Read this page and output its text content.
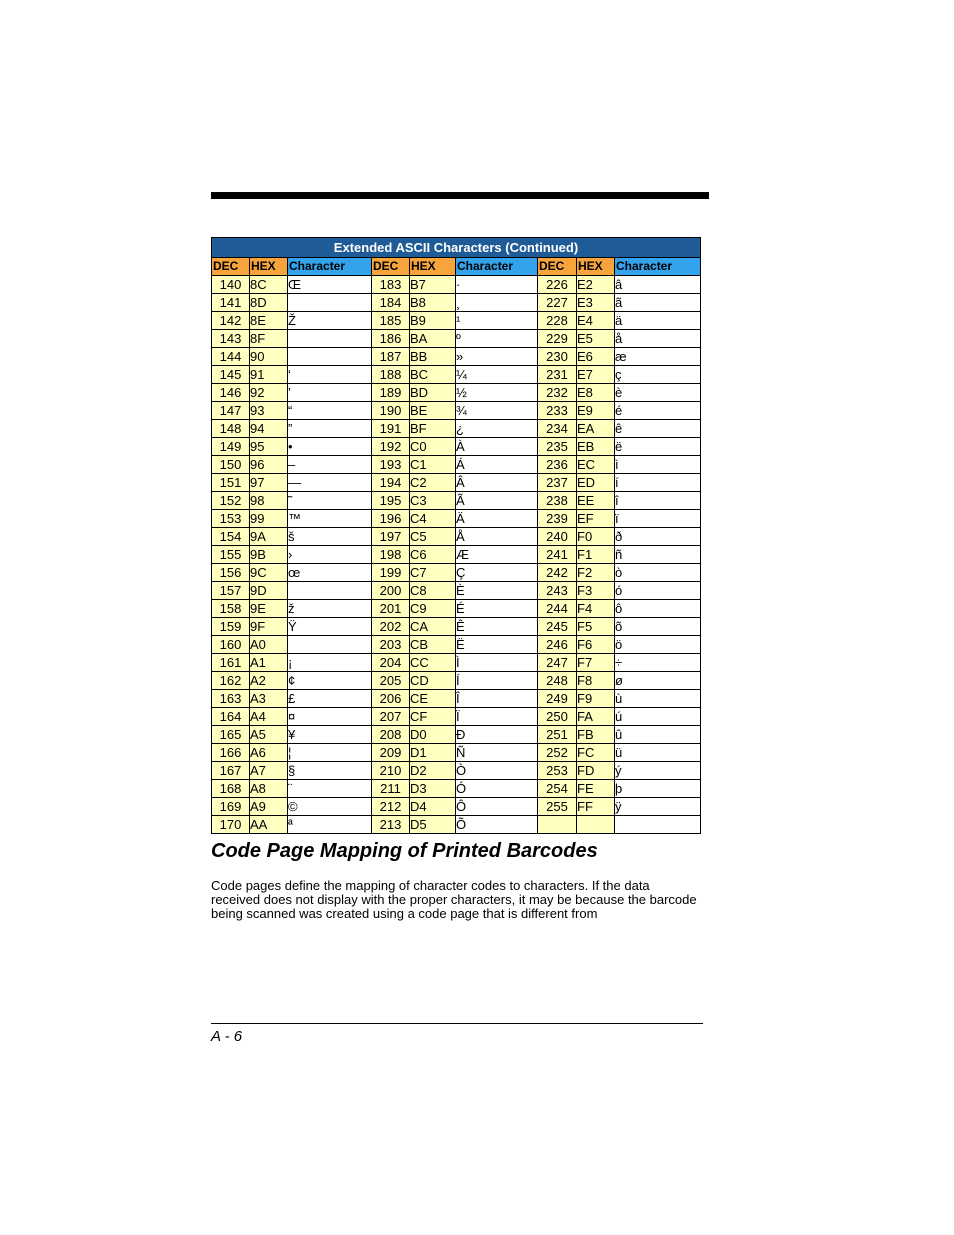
Extended ASCII Characters (Continued)								
DEC	HEX	Character	DEC	HEX	Character	DEC	HEX	Character
140	8C	Œ	183	B7	·	226	E2	â
141	8D		184	B8	¸	227	E3	ã
142	8E	Ž	185	B9	¹	228	E4	ä
143	8F		186	BA	º	229	E5	å
144	90		187	BB	»	230	E6	æ
145	91	‘	188	BC	¼	231	E7	ç
146	92	’	189	BD	½	232	E8	è
147	93	“	190	BE	¾	233	E9	é
148	94	”	191	BF	¿	234	EA	ê
149	95	•	192	C0	À	235	EB	ë
150	96	–	193	C1	Á	236	EC	ì
151	97	—	194	C2	Â	237	ED	í
152	98	˜	195	C3	Ã	238	EE	î
153	99	™	196	C4	Ä	239	EF	ï
154	9A	š	197	C5	Å	240	F0	ð
155	9B	›	198	C6	Æ	241	F1	ñ
156	9C	œ	199	C7	Ç	242	F2	ò
157	9D		200	C8	È	243	F3	ó
158	9E	ž	201	C9	É	244	F4	ô
159	9F	Ÿ	202	CA	Ê	245	F5	õ
160	A0		203	CB	Ë	246	F6	ö
161	A1	¡	204	CC	Ì	247	F7	÷
162	A2	¢	205	CD	Í	248	F8	ø
163	A3	£	206	CE	Î	249	F9	ù
164	A4	¤	207	CF	Ï	250	FA	ú
165	A5	¥	208	D0	Ð	251	FB	û
166	A6	¦	209	D1	Ñ	252	FC	ü
167	A7	§	210	D2	Ò	253	FD	ý
168	A8	¨	211	D3	Ó	254	FE	þ
169	A9	©	212	D4	Ô	255	FF	ÿ
170	AA	ª	213	D5	Õ			
Code Page Mapping of Printed Barcodes

Code pages define the mapping of character codes to characters. If the data received does not display with the proper characters, it may be because the barcode being scanned was created using a code page that is different from

A - 6
